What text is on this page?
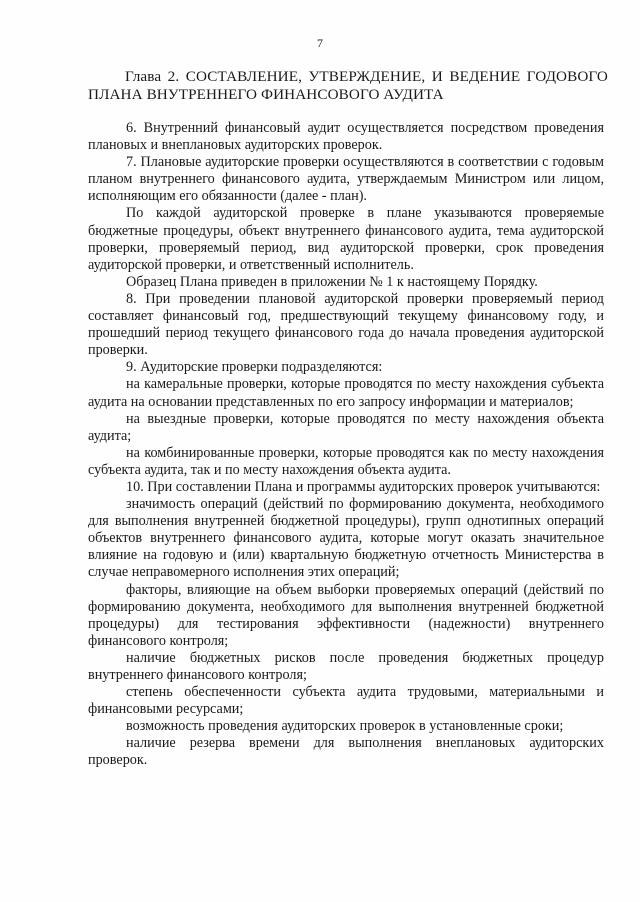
7
Глава 2. СОСТАВЛЕНИЕ, УТВЕРЖДЕНИЕ, И ВЕДЕНИЕ ГОДОВОГО ПЛАНА ВНУТРЕННЕГО ФИНАНСОВОГО АУДИТА

6. Внутренний финансовый аудит осуществляется посредством проведения плановых и внеплановых аудиторских проверок.

7. Плановые аудиторские проверки осуществляются в соответствии с годовым планом внутреннего финансового аудита, утверждаемым Министром или лицом, исполняющим его обязанности (далее - план).

По каждой аудиторской проверке в плане указываются проверяемые бюджетные процедуры, объект внутреннего финансового аудита, тема аудиторской проверки, проверяемый период, вид аудиторской проверки, срок проведения аудиторской проверки, и ответственный исполнитель.

Образец Плана приведен в приложении № 1 к настоящему Порядку.

8. При проведении плановой аудиторской проверки проверяемый период составляет финансовый год, предшествующий текущему финансовому году, и прошедший период текущего финансового года до начала проведения аудиторской проверки.

9. Аудиторские проверки подразделяются:

на камеральные проверки, которые проводятся по месту нахождения субъекта аудита на основании представленных по его запросу информации и материалов;

на выездные проверки, которые проводятся по месту нахождения объекта аудита;

на комбинированные проверки, которые проводятся как по месту нахождения субъекта аудита, так и по месту нахождения объекта аудита.

10. При составлении Плана и программы аудиторских проверок учитываются:

значимость операций (действий по формированию документа, необходимого для выполнения внутренней бюджетной процедуры), групп однотипных операций объектов внутреннего финансового аудита, которые могут оказать значительное влияние на годовую и (или) квартальную бюджетную отчетность Министерства в случае неправомерного исполнения этих операций;

факторы, влияющие на объем выборки проверяемых операций (действий по формированию документа, необходимого для выполнения внутренней бюджетной процедуры) для тестирования эффективности (надежности) внутреннего финансового контроля;

наличие бюджетных рисков после проведения бюджетных процедур внутреннего финансового контроля;

степень обеспеченности субъекта аудита трудовыми, материальными и финансовыми ресурсами;

возможность проведения аудиторских проверок в установленные сроки;

наличие резерва времени для выполнения внеплановых аудиторских проверок.
